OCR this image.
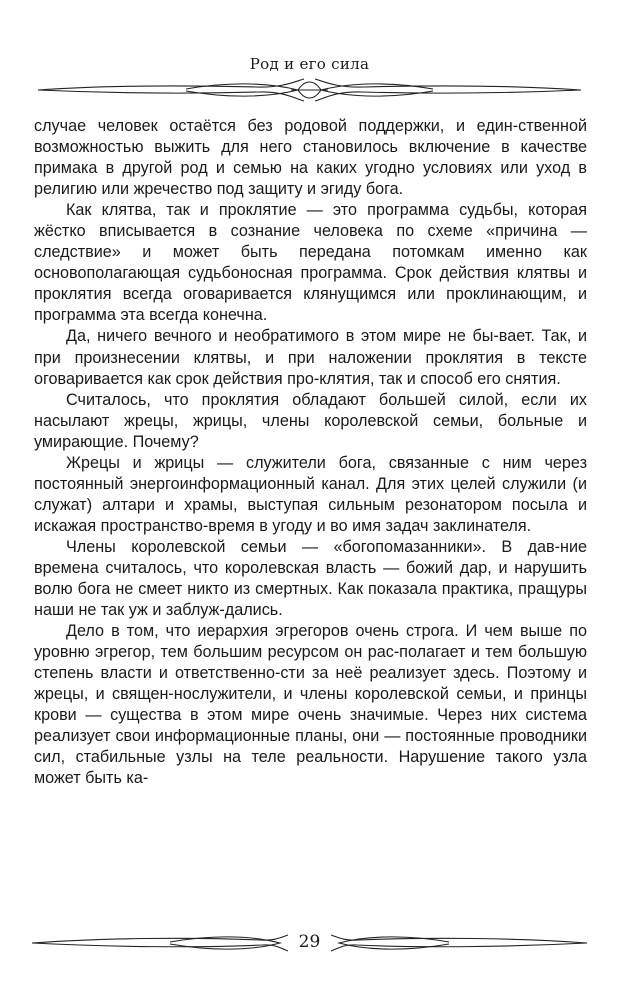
Род и его сила

случае человек остаётся без родовой поддержки, и един-ственной возможностью выжить для него становилось включение в качестве примака в другой род и семью на каких угодно условиях или уход в религию или жречество под защиту и эгиду бога.

Как клятва, так и проклятие — это программа судьбы, которая жёстко вписывается в сознание человека по схеме «причина — следствие» и может быть передана потомкам именно как основополагающая судьбоносная программа. Срок действия клятвы и проклятия всегда оговаривается клянущимся или проклинающим, и программа эта всегда конечна.

Да, ничего вечного и необратимого в этом мире не бы-вает. Так, и при произнесении клятвы, и при наложении проклятия в тексте оговаривается как срок действия про-клятия, так и способ его снятия.

Считалось, что проклятия обладают большей силой, если их насылают жрецы, жрицы, члены королевской семьи, больные и умирающие. Почему?

Жрецы и жрицы — служители бога, связанные с ним через постоянный энергоинформационный канал. Для этих целей служили (и служат) алтари и храмы, выступая сильным резонатором посыла и искажая пространство-время в угоду и во имя задач заклинателя.

Члены королевской семьи — «богопомазанники». В дав-ние времена считалось, что королевская власть — божий дар, и нарушить волю бога не смеет никто из смертных. Как показала практика, пращуры наши не так уж и заблуж-дались.

Дело в том, что иерархия эгрегоров очень строга. И чем выше по уровню эгрегор, тем большим ресурсом он рас-полагает и тем большую степень власти и ответственно-сти за неё реализует здесь. Поэтому и жрецы, и священ-нослужители, и члены королевской семьи, и принцы крови — существа в этом мире очень значимые. Через них система реализует свои информационные планы, они — постоянные проводники сил, стабильные узлы на теле реальности. Нарушение такого узла может быть ка-

29
